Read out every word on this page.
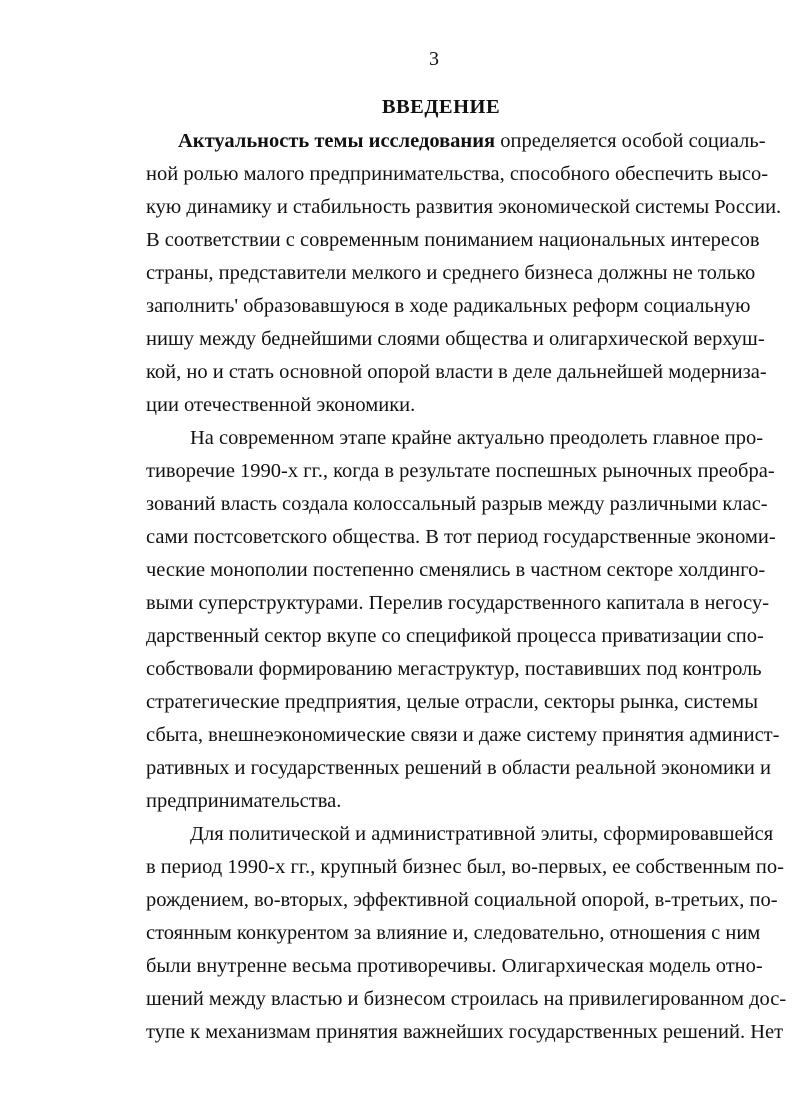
3
ВВЕДЕНИЕ
Актуальность темы исследования определяется особой социаль-
ной ролью малого предпринимательства, способного обеспечить высо-
кую динамику и стабильность развития экономической системы России.
В соответствии с современным пониманием национальных интересов
страны, представители мелкого и среднего бизнеса должны не только
заполнить' образовавшуюся в ходе радикальных реформ социальную
нишу между беднейшими слоями общества и олигархической верхуш-
кой, но и стать основной опорой власти в деле дальнейшей модерниза-
ции отечественной экономики.
На современном этапе крайне актуально преодолеть главное про-
тиворечие 1990-х гг., когда в результате поспешных рыночных преобра-
зований власть создала колоссальный разрыв между различными клас-
сами постсоветского общества. В тот период государственные экономи-
ческие монополии постепенно сменялись в частном секторе холдинго-
выми суперструктурами. Перелив государственного капитала в негосу-
дарственный сектор вкупе со спецификой процесса приватизации спо-
собствовали формированию мегаструктур, поставивших под контроль
стратегические предприятия, целые отрасли, секторы рынка, системы
сбыта, внешнеэкономические связи и даже систему принятия админист-
ративных и государственных решений в области реальной экономики и
предпринимательства.
Для политической и административной элиты, сформировавшейся
в период 1990-х гг., крупный бизнес был, во-первых, ее собственным по-
рождением, во-вторых, эффективной социальной опорой, в-третьих, по-
стоянным конкурентом за влияние и, следовательно, отношения с ним
были внутренне весьма противоречивы. Олигархическая модель отно-
шений между властью и бизнесом строилась на привилегированном дос-
тупе к механизмам принятия важнейших государственных решений. Нет
